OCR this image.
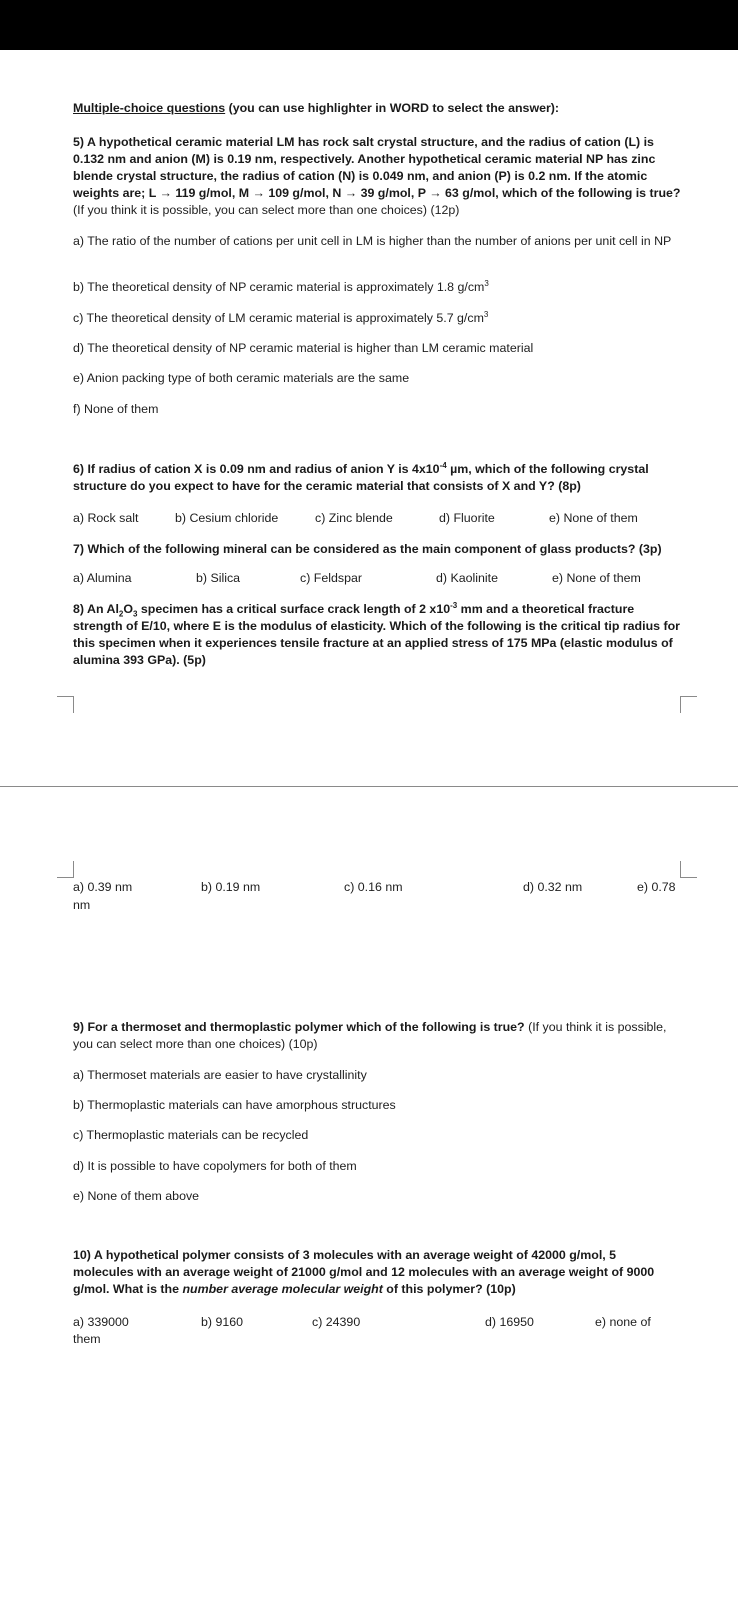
Multiple-choice questions (you can use highlighter in WORD to select the answer):
5) A hypothetical ceramic material LM has rock salt crystal structure, and the radius of cation (L) is 0.132 nm and anion (M) is 0.19 nm, respectively. Another hypothetical ceramic material NP has zinc blende crystal structure, the radius of cation (N) is 0.049 nm, and anion (P) is 0.2 nm. If the atomic weights are; L → 119 g/mol, M → 109 g/mol, N → 39 g/mol, P → 63 g/mol, which of the following is true? (If you think it is possible, you can select more than one choices) (12p)
a) The ratio of the number of cations per unit cell in LM is higher than the number of anions per unit cell in NP
b) The theoretical density of NP ceramic material is approximately 1.8 $g/cm^3$
c) The theoretical density of LM ceramic material is approximately 5.7 $g/cm^3$
d) The theoretical density of NP ceramic material is higher than LM ceramic material
e) Anion packing type of both ceramic materials are the same
f) None of them
6) If radius of cation X is 0.09 nm and radius of anion Y is $4x10^{-4}$ µm, which of the following crystal structure do you expect to have for the ceramic material that consists of X and Y? (8p)
a) Rock salt	b) Cesium chloride	c) Zinc blende	d) Fluorite	e) None of them
7) Which of the following mineral can be considered as the main component of glass products? (3p)
a) Alumina	b) Silica	c) Feldspar	d) Kaolinite	e) None of them
8) An $Al_2O_3$ specimen has a critical surface crack length of 2 $x10^{-3}$ mm and a theoretical fracture strength of E/10, where E is the modulus of elasticity. Which of the following is the critical tip radius for this specimen when it experiences tensile fracture at an applied stress of 175 MPa (elastic modulus of alumina 393 GPa). (5p)
a) 0.39 nm	b) 0.19 nm	c) 0.16 nm	d) 0.32 nm	e) 0.78
nm
9) For a thermoset and thermoplastic polymer which of the following is true? (If you think it is possible, you can select more than one choices) (10p)
a) Thermoset materials are easier to have crystallinity
b) Thermoplastic materials can have amorphous structures
c) Thermoplastic materials can be recycled
d) It is possible to have copolymers for both of them
e) None of them above
10) A hypothetical polymer consists of 3 molecules with an average weight of 42000 g/mol, 5 molecules with an average weight of 21000 g/mol and 12 molecules with an average weight of 9000 g/mol. What is the number average molecular weight of this polymer? (10p)
a) 339000	b) 9160	c) 24390	d) 16950	e) none of
them
